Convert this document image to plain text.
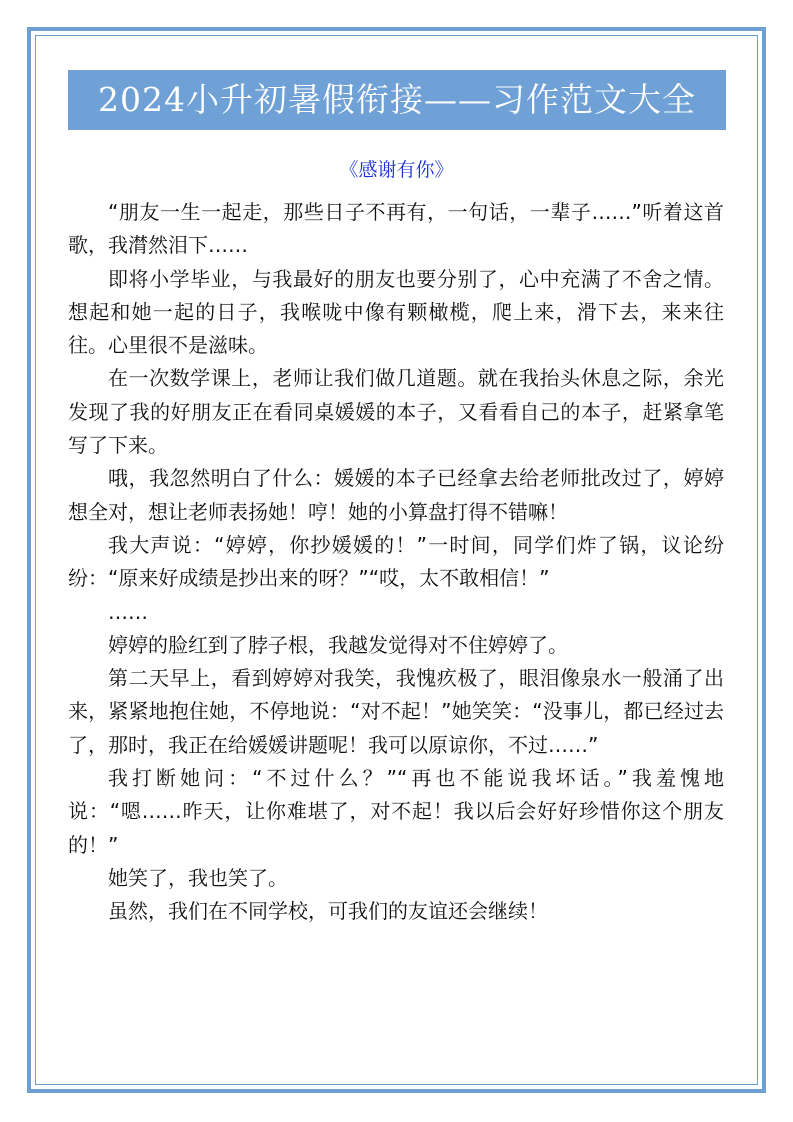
2024小升初暑假衔接——习作范文大全
《感谢有你》

“朋友一生一起走，那些日子不再有，一句话，一辈子……”听着这首歌，我潸然泪下……

即将小学毕业，与我最好的朋友也要分别了，心中充满了不舍之情。想起和她一起的日子，我喉咙中像有颗橄榄，爬上来，滑下去，来来往往。心里很不是滋味。

在一次数学课上，老师让我们做几道题。就在我抬头休息之际，余光发现了我的好朋友正在看同桌媛媛的本子，又看看自己的本子，赶紧拿笔写了下来。

哦，我忽然明白了什么：媛媛的本子已经拿去给老师批改过了，婷婷想全对，想让老师表扬她！哼！她的小算盘打得不错嘛！

我大声说：“婷婷，你抄媛媛的！”一时间，同学们炸了锅，议论纷纷：“原来好成绩是抄出来的呀？”“哎，太不敢相信！”

……

婷婷的脸红到了脖子根，我越发觉得对不住婷婷了。

第二天早上，看到婷婷对我笑，我愧疚极了，眼泪像泉水一般涌了出来，紧紧地抱住她，不停地说：“对不起！”她笑笑：“没事儿，都已经过去了，那时，我正在给媛媛讲题呢！我可以原谅你，不过……”

我打断她问：“不过什么？”“再也不能说我坏话。”我羞愧地说：“嗯……昨天，让你难堪了，对不起！我以后会好好珍惜你这个朋友的！”

她笑了，我也笑了。

虽然，我们在不同学校，可我们的友谊还会继续！
